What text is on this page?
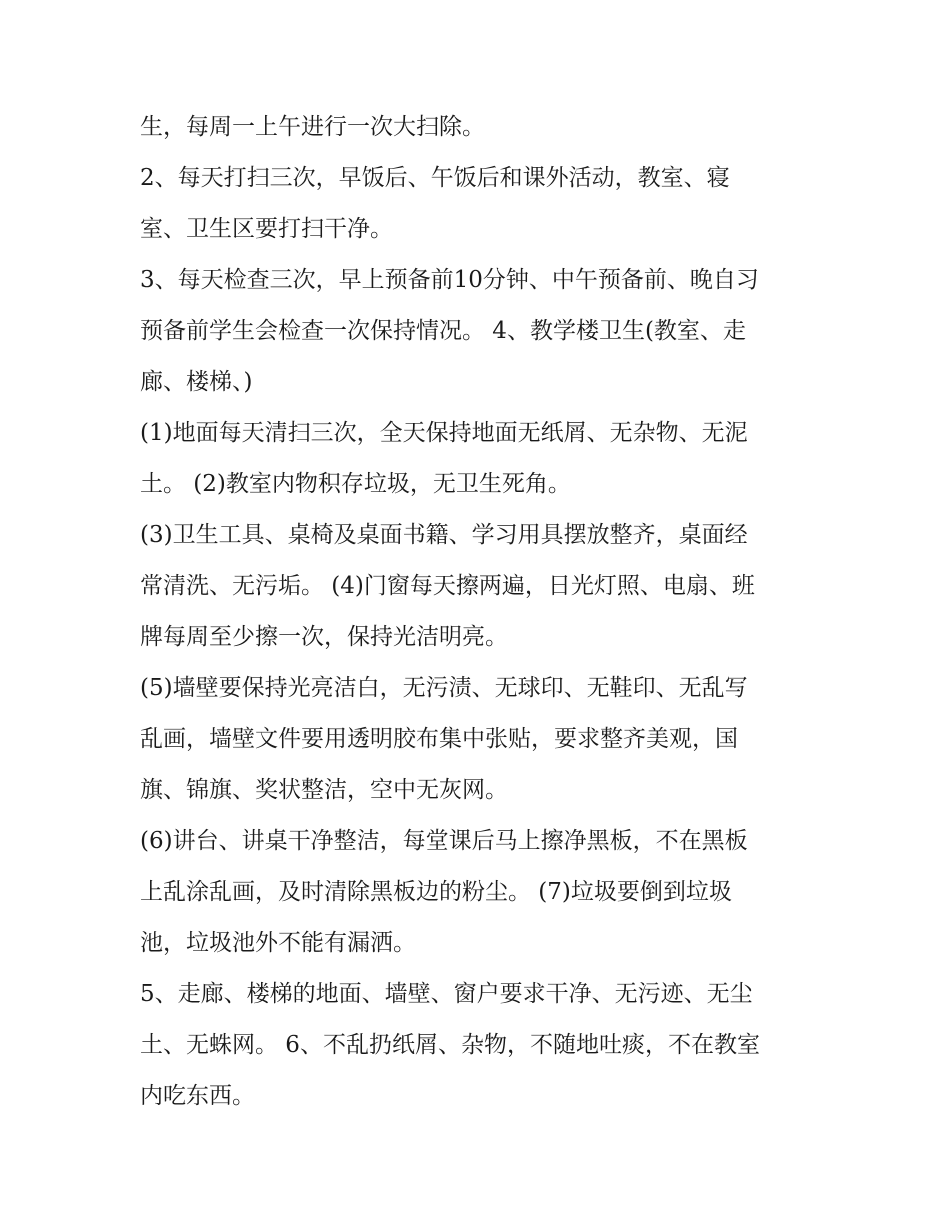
生，每周一上午进行一次大扫除。
2、每天打扫三次，早饭后、午饭后和课外活动，教室、寝
室、卫生区要打扫干净。
3、每天检查三次，早上预备前10分钟、中午预备前、晚自习
预备前学生会检查一次保持情况。 4、教学楼卫生(教室、走
廊、楼梯、)
(1)地面每天清扫三次，全天保持地面无纸屑、无杂物、无泥
土。 (2)教室内物积存垃圾，无卫生死角。
(3)卫生工具、桌椅及桌面书籍、学习用具摆放整齐，桌面经
常清洗、无污垢。 (4)门窗每天擦两遍，日光灯照、电扇、班
牌每周至少擦一次，保持光洁明亮。
(5)墙壁要保持光亮洁白，无污渍、无球印、无鞋印、无乱写
乱画，墙壁文件要用透明胶布集中张贴，要求整齐美观，国
旗、锦旗、奖状整洁，空中无灰网。
(6)讲台、讲桌干净整洁，每堂课后马上擦净黑板，不在黑板
上乱涂乱画，及时清除黑板边的粉尘。 (7)垃圾要倒到垃圾
池，垃圾池外不能有漏洒。
5、走廊、楼梯的地面、墙壁、窗户要求干净、无污迹、无尘
土、无蛛网。 6、不乱扔纸屑、杂物，不随地吐痰，不在教室
内吃东西。
